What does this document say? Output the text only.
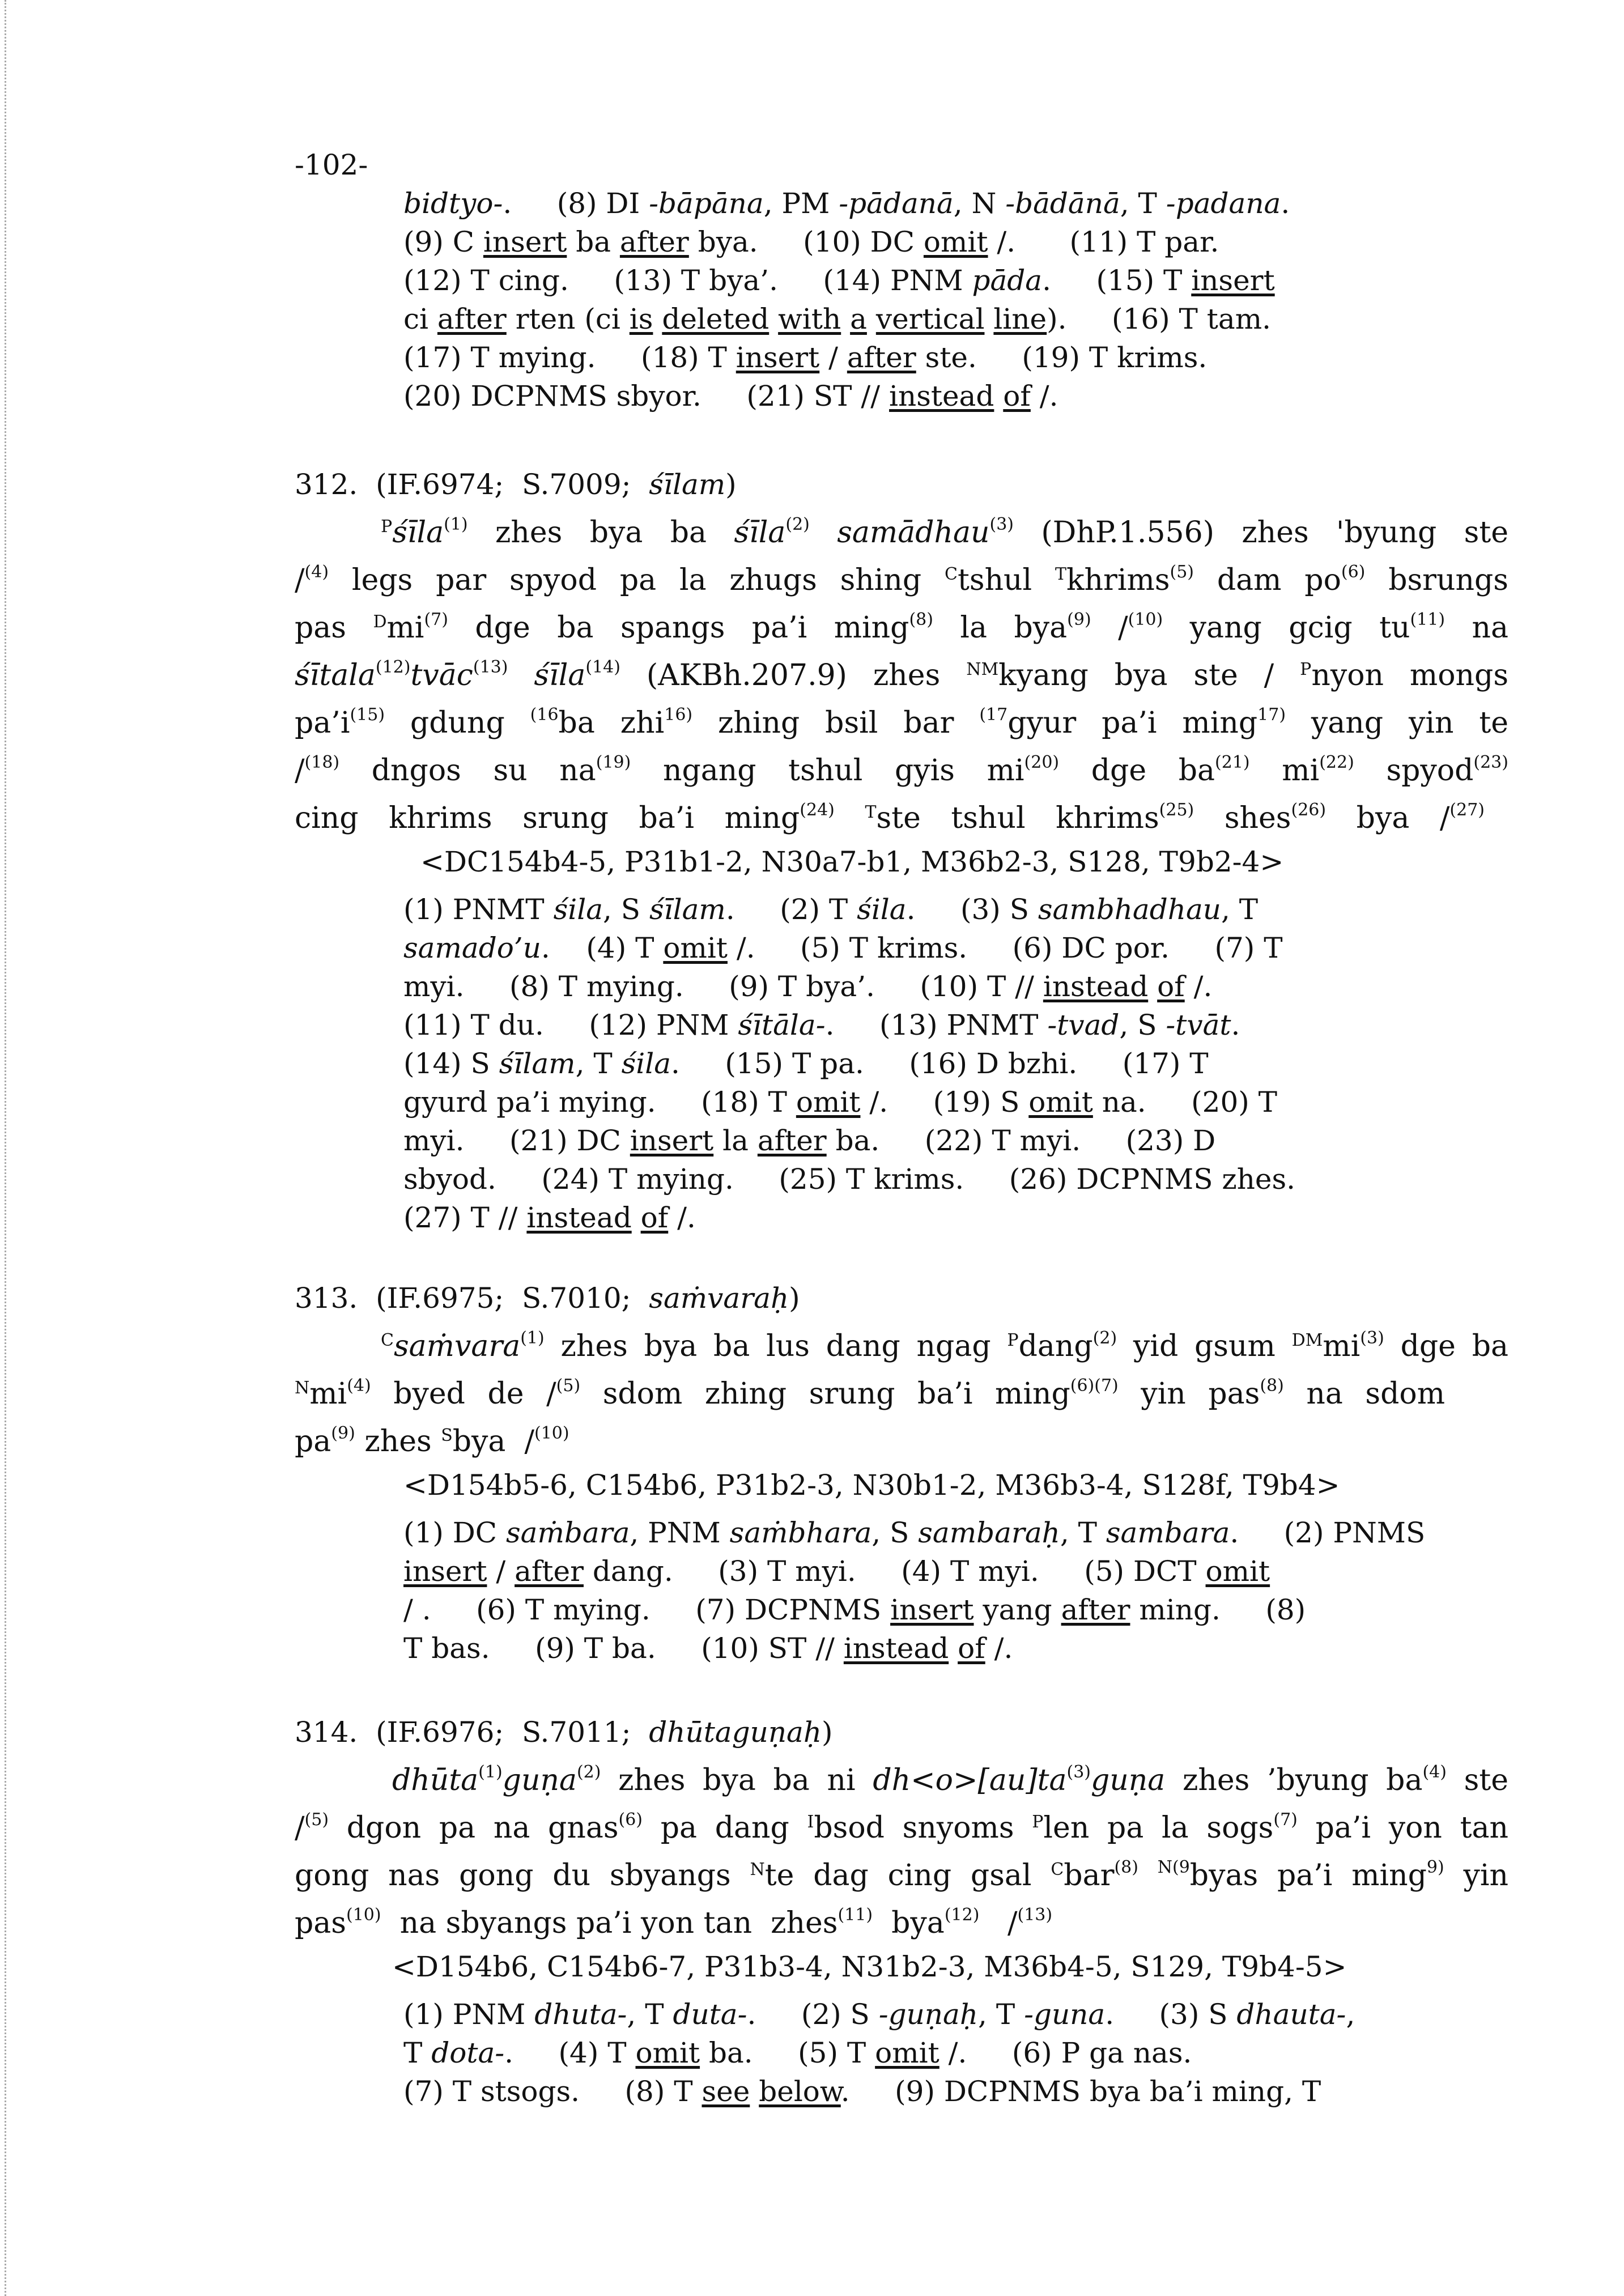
-102-
bidtyo-.     (8) DI -bāpāna, PM -pādanā, N -bādānā, T -padana.
(9) C insert ba after bya.     (10) DC omit /.      (11) T par.
(12) T cing.     (13) T bya’.     (14) PNM pāda.     (15) T insert
ci after rten (ci is deleted with a vertical line).     (16) T tam.
(17) T mying.     (18) T insert / after ste.     (19) T krims.
(20) DCPNMS sbyor.     (21) ST // instead of /.
312.  (IF.6974;  S.7009;  śīlam)
$^P$śīla$^{(1)}$ zhes bya ba śīla$^{(2)}$ samādhau$^{(3)}$ (DhP.1.556) zhes 'byung ste
/$^{(4)}$ legs par spyod pa la zhugs shing $^C$tshul $^T$khrims$^{(5)}$ dam $po^{(6)}$ bsrungs
pas $^Dmi^{(7)}$ dge ba spangs pa’i ming$^{(8)}$ la bya$^{(9)}$ /$^{(10)}$ yang gcig $tu^{(11)}$ na
śītala$^{(12)}$tvāc$^{(13)}$ śīla$^{(14)}$ (AKBh.207.9) zhes $^{NM}$kyang bya ste / $^P$nyon mongs
$pa’i^{(15)}$ gdung $^{(16}$ba zhi$^{16)}$ zhing bsil bar $^{(17}$gyur pa’i ming$^{17)}$ yang yin te
/$^{(18)}$ dngos su $na^{(19)}$ ngang tshul gyis $mi^{(20)}$ dge $ba^{(21)}$ $mi^{(22)}$ spyod$^{(23)}$
cing khrims srung ba’i ming$^{(24)}$ $^T$ste tshul khrims$^{(25)}$ shes$^{(26)}$ bya /$^{(27)}$
<DC154b4-5, P31b1-2, N30a7-b1, M36b2-3, S128, T9b2-4>
(1) PNMT śila, S śīlam.     (2) T śila.     (3) S sambhadhau, T
samado’u.    (4) T omit /.     (5) T krims.     (6) DC por.     (7) T
myi.     (8) T mying.     (9) T bya’.     (10) T // instead of /.
(11) T du.     (12) PNM śītāla-.     (13) PNMT -tvad, S -tvāt.
(14) S śīlam, T śila.     (15) T pa.     (16) D bzhi.     (17) T
gyurd pa’i mying.     (18) T omit /.     (19) S omit na.     (20) T
myi.     (21) DC insert la after ba.     (22) T myi.     (23) D
sbyod.     (24) T mying.     (25) T krims.     (26) DCPNMS zhes.
(27) T // instead of /.
313.  (IF.6975;  S.7010;  saṁvaraḥ)
$^C$saṁvara$^{(1)}$ zhes bya ba lus dang ngag $^P$dang$^{(2)}$ yid gsum $^{DM}mi^{(3)}$ dge ba
$^Nmi^{(4)}$ byed de /$^{(5)}$ sdom zhing srung ba’i ming$^{(6)(7)}$ yin pas$^{(8)}$ na sdom
$pa^{(9)}$ zhes $^S$bya  /$^{(10)}$
<D154b5-6, C154b6, P31b2-3, N30b1-2, M36b3-4, S128f, T9b4>
(1) DC saṁbara, PNM saṁbhara, S sambaraḥ, T sambara.     (2) PNMS
insert / after dang.     (3) T myi.     (4) T myi.     (5) DCT omit
/ .     (6) T mying.     (7) DCPNMS insert yang after ming.     (8)
T bas.     (9) T ba.     (10) ST // instead of /.
314.  (IF.6976;  S.7011;  dhūtaguṇaḥ)
dhūta$^{(1)}$guṇa$^{(2)}$ zhes bya ba ni $dh<o>[au]ta^{(3)}guṇa$ zhes ’byung $ba^{(4)}$ ste
/$^{(5)}$ dgon pa na gnas$^{(6)}$ pa dang $^I$bsod snyoms $^P$len pa la sogs$^{(7)}$ pa’i yon tan
gong nas gong du sbyangs $^N$te dag cing gsal $^C$bar$^{(8)}$ $^{N(9}$byas pa’i ming$^{9)}$ yin
pas$^{(10)}$  na sbyangs pa’i yon tan  zhes$^{(11)}$  bya$^{(12)}$   /$^{(13)}$
<D154b6, C154b6-7, P31b3-4, N31b2-3, M36b4-5, S129, T9b4-5>
(1) PNM dhuta-, T duta-.     (2) S -guṇaḥ, T -guna.     (3) S dhauta-,
T dota-.     (4) T omit ba.     (5) T omit /.     (6) P ga nas.
(7) T stsogs.     (8) T see below.     (9) DCPNMS bya ba’i ming, T
